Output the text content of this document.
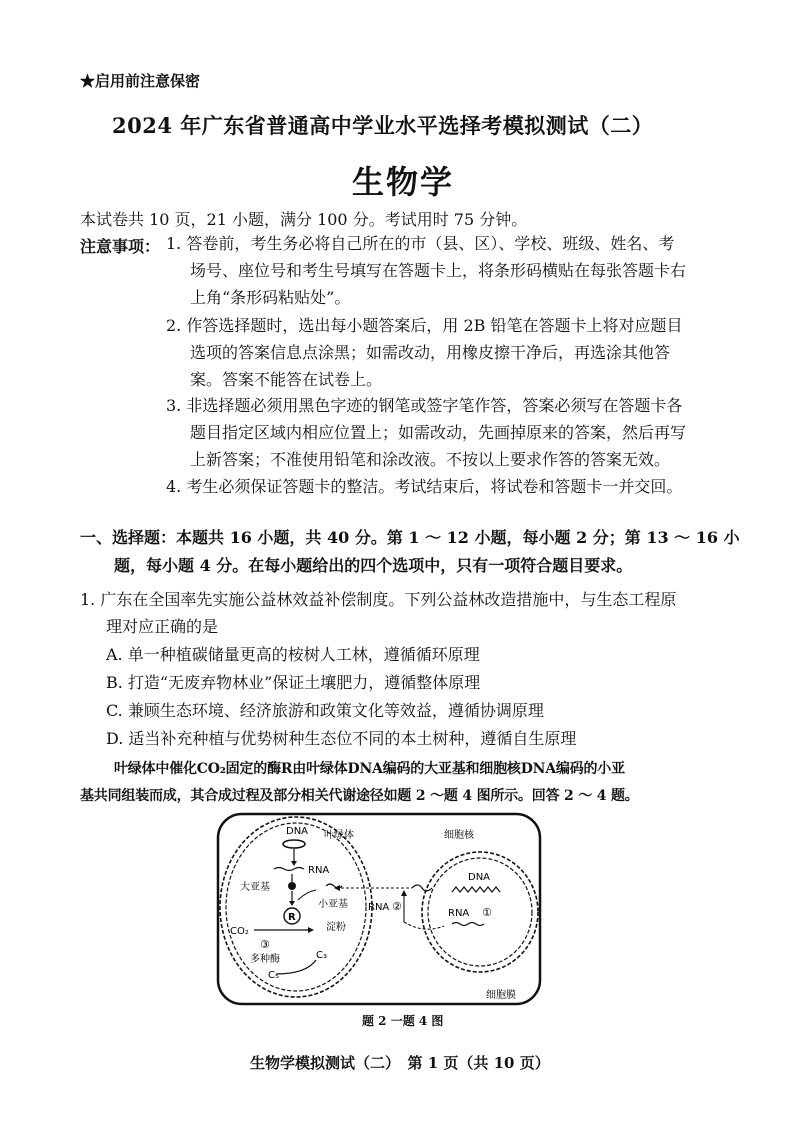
★启用前注意保密
2024 年广东省普通高中学业水平选择考模拟测试（二）
生物学
本试卷共 10 页，21 小题，满分 100 分。考试用时 75 分钟。
注意事项： 1. 答卷前，考生务必将自己所在的市（县、区）、学校、班级、姓名、考
场号、座位号和考生号填写在答题卡上，将条形码横贴在每张答题卡右
上角“条形码粘贴处”。
2. 作答选择题时，选出每小题答案后，用 2B 铅笔在答题卡上将对应题目
选项的答案信息点涂黑；如需改动，用橡皮擦干净后，再选涂其他答
案。答案不能答在试卷上。
3. 非选择题必须用黑色字迹的钢笔或签字笔作答，答案必须写在答题卡各
题目指定区域内相应位置上；如需改动，先画掉原来的答案，然后再写
上新答案；不准使用铅笔和涂改液。不按以上要求作答的答案无效。
4. 考生必须保证答题卡的整洁。考试结束后，将试卷和答题卡一并交回。
一、选择题：本题共 16 小题，共 40 分。第 1 ～ 12 小题，每小题 2 分；第 13 ～ 16 小
题，每小题 4 分。在每小题给出的四个选项中，只有一项符合题目要求。
1. 广东在全国率先实施公益林效益补偿制度。下列公益林改造措施中，与生态工程原
理对应正确的是
A. 单一种植碳储量更高的桉树人工林，遵循循环原理
B. 打造“无废弃物林业”保证土壤肥力，遵循整体原理
C. 兼顾生态环境、经济旅游和政策文化等效益，遵循协调原理
D. 适当补充种植与优势树种生态位不同的本土树种，遵循自生原理
叶绿体中催化CO₂固定的酶R由叶绿体DNA编码的大亚基和细胞核DNA编码的小亚
基共同组装而成，其合成过程及部分相关代谢途径如题 2 ～题 4 图所示。回答 2 ～ 4 题。
DNA 叶绿体
RNA
大亚基
小亚基
R
淀粉
CO₂
C₃
③
多种酶
C₅
细胞核
DNA
RNA ①
RNA ②
细胞膜
题 2 一题 4 图
生物学模拟测试（二）　第 1 页（共 10 页）
